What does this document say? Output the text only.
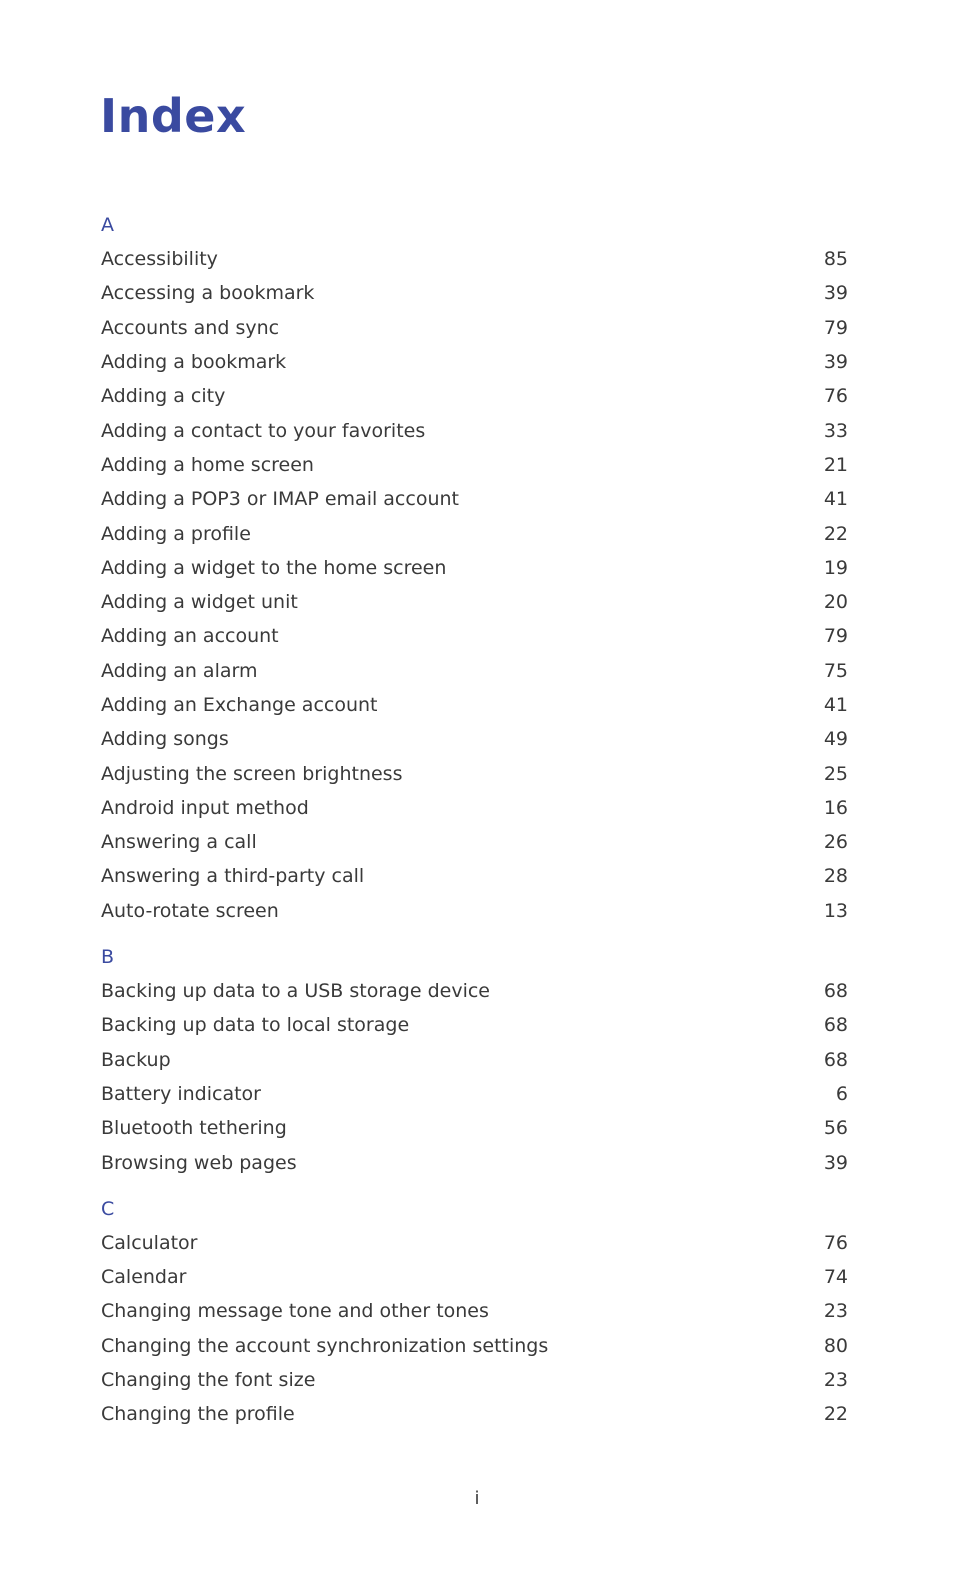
Index
A
Accessibility	85
Accessing a bookmark	39
Accounts and sync	79
Adding a bookmark	39
Adding a city	76
Adding a contact to your favorites	33
Adding a home screen	21
Adding a POP3 or IMAP email account	41
Adding a profile	22
Adding a widget to the home screen	19
Adding a widget unit	20
Adding an account	79
Adding an alarm	75
Adding an Exchange account	41
Adding songs	49
Adjusting the screen brightness	25
Android input method	16
Answering a call	26
Answering a third-party call	28
Auto-rotate screen	13
B
Backing up data to a USB storage device	68
Backing up data to local storage	68
Backup	68
Battery indicator	6
Bluetooth tethering	56
Browsing web pages	39
C
Calculator	76
Calendar	74
Changing message tone and other tones	23
Changing the account synchronization settings	80
Changing the font size	23
Changing the profile	22
i
